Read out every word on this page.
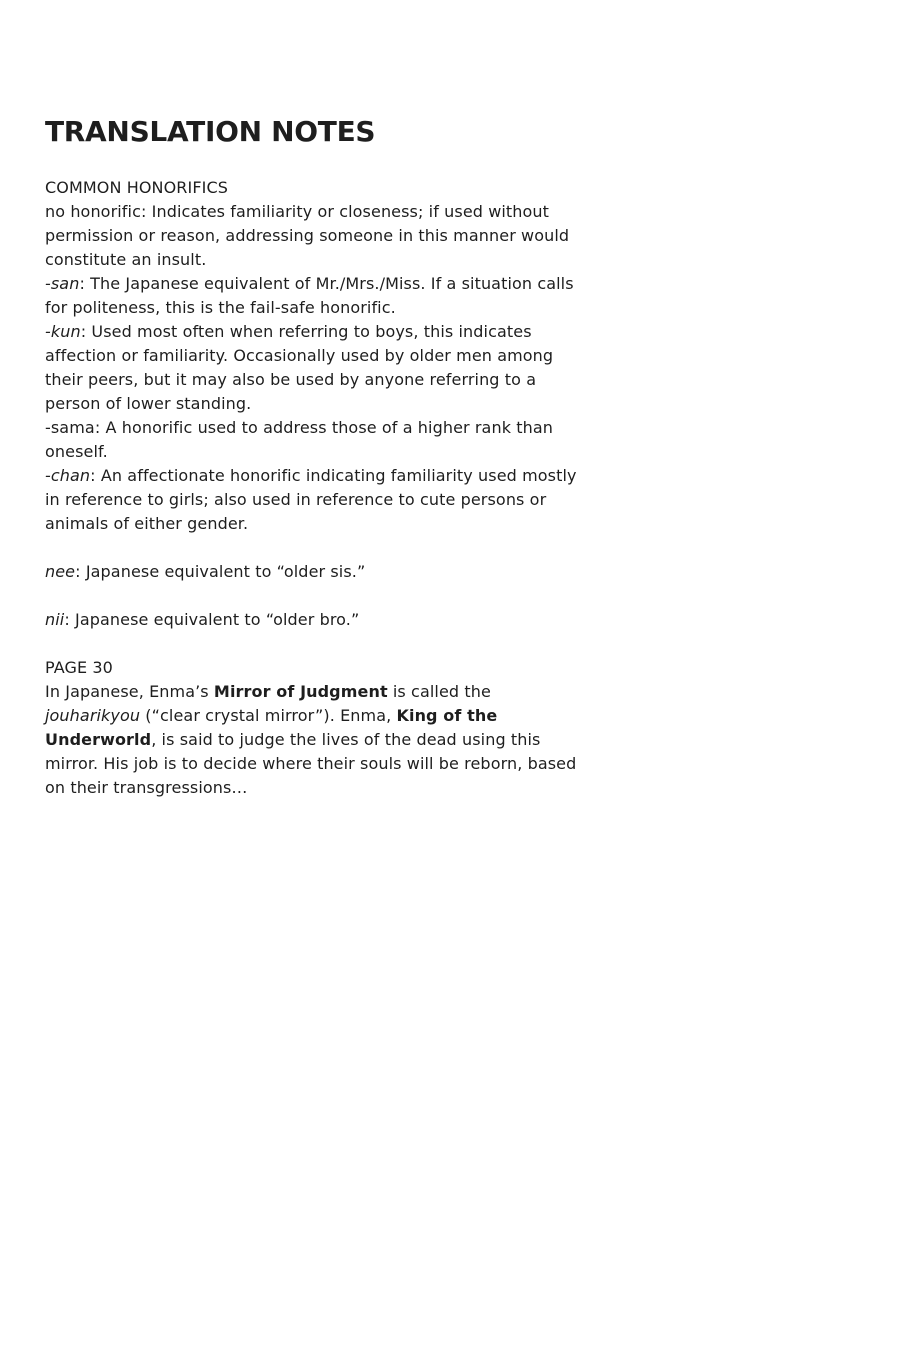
TRANSLATION NOTES
COMMON HONORIFICS

no honorific: Indicates familiarity or closeness; if used without permission or reason, addressing someone in this manner would constitute an insult.

-san: The Japanese equivalent of Mr./Mrs./Miss. If a situation calls for politeness, this is the fail-safe honorific.

-kun: Used most often when referring to boys, this indicates affection or familiarity. Occasionally used by older men among their peers, but it may also be used by anyone referring to a person of lower standing.

-sama: A honorific used to address those of a higher rank than oneself.

-chan: An affectionate honorific indicating familiarity used mostly in reference to girls; also used in reference to cute persons or animals of either gender.

nee: Japanese equivalent to “older sis.”

nii: Japanese equivalent to “older bro.”

PAGE 30

In Japanese, Enma’s Mirror of Judgment is called the jouharikyou (“clear crystal mirror”). Enma, King of the Underworld, is said to judge the lives of the dead using this mirror. His job is to decide where their souls will be reborn, based on their transgressions…
